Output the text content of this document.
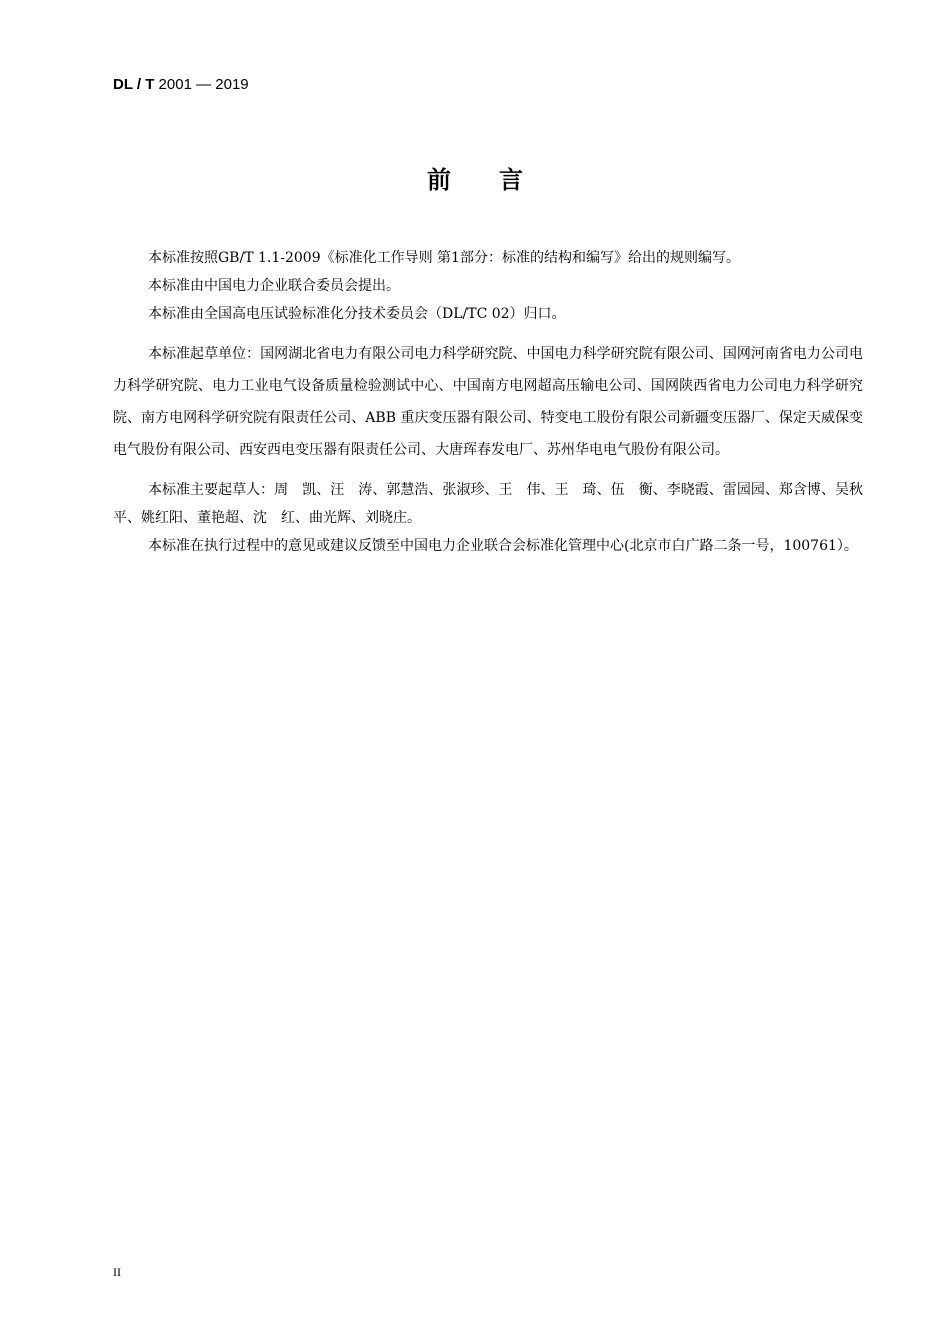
DL / T 2001 — 2019
前 言

本标准按照GB/T 1.1-2009《标准化工作导则 第1部分：标准的结构和编写》给出的规则编写。

本标准由中国电力企业联合委员会提出。

本标准由全国高电压试验标准化分技术委员会（DL/TC 02）归口。

本标准起草单位：国网湖北省电力有限公司电力科学研究院、中国电力科学研究院有限公司、国网河南省电力公司电力科学研究院、电力工业电气设备质量检验测试中心、中国南方电网超高压输电公司、国网陕西省电力公司电力科学研究院、南方电网科学研究院有限责任公司、ABB 重庆变压器有限公司、特变电工股份有限公司新疆变压器厂、保定天威保变电气股份有限公司、西安西电变压器有限责任公司、大唐珲春发电厂、苏州华电电气股份有限公司。

本标准主要起草人：周　凯、汪　涛、郭慧浩、张淑珍、王　伟、王　琦、伍　衡、李晓霞、雷园园、郑含博、吴秋平、姚红阳、董艳超、沈　红、曲光辉、刘晓庄。

本标准在执行过程中的意见或建议反馈至中国电力企业联合会标准化管理中心(北京市白广路二条一号，100761）。

II
